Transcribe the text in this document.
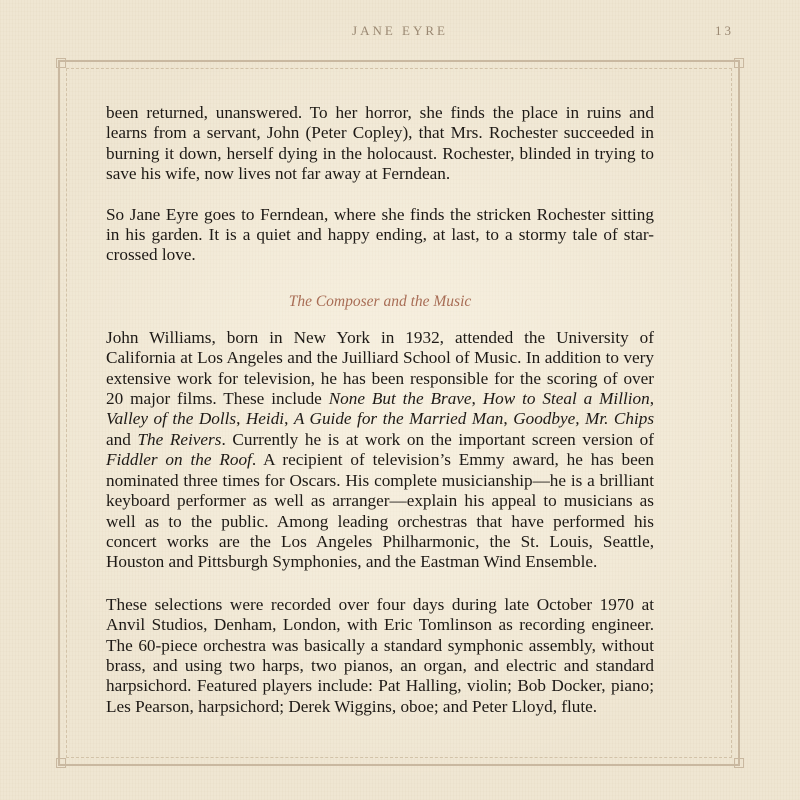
JANE EYRE	13

been returned, unanswered. To her horror, she finds the place in ruins and learns from a servant, John (Peter Copley), that Mrs. Rochester succeeded in burning it down, herself dying in the holocaust. Rochester, blinded in trying to save his wife, now lives not far away at Ferndean.

So Jane Eyre goes to Ferndean, where she finds the stricken Rochester sitting in his garden. It is a quiet and happy ending, at last, to a stormy tale of star-crossed love.

The Composer and the Music

John Williams, born in New York in 1932, attended the University of California at Los Angeles and the Juilliard School of Music. In addition to very extensive work for television, he has been responsible for the scoring of over 20 major films. These include None But the Brave, How to Steal a Million, Valley of the Dolls, Heidi, A Guide for the Married Man, Goodbye, Mr. Chips and The Reivers. Currently he is at work on the important screen version of Fiddler on the Roof. A recipient of television’s Emmy award, he has been nominated three times for Oscars. His complete musicianship—he is a brilliant keyboard performer as well as arranger—explain his appeal to musicians as well as to the public. Among leading orchestras that have performed his concert works are the Los Angeles Philharmonic, the St. Louis, Seattle, Houston and Pittsburgh Symphonies, and the Eastman Wind Ensemble.

These selections were recorded over four days during late October 1970 at Anvil Studios, Denham, London, with Eric Tomlinson as recording engineer. The 60-piece orchestra was basically a standard symphonic assembly, without brass, and using two harps, two pianos, an organ, and electric and standard harpsichord. Featured players include: Pat Halling, violin; Bob Docker, piano; Les Pearson, harpsichord; Derek Wiggins, oboe; and Peter Lloyd, flute.
